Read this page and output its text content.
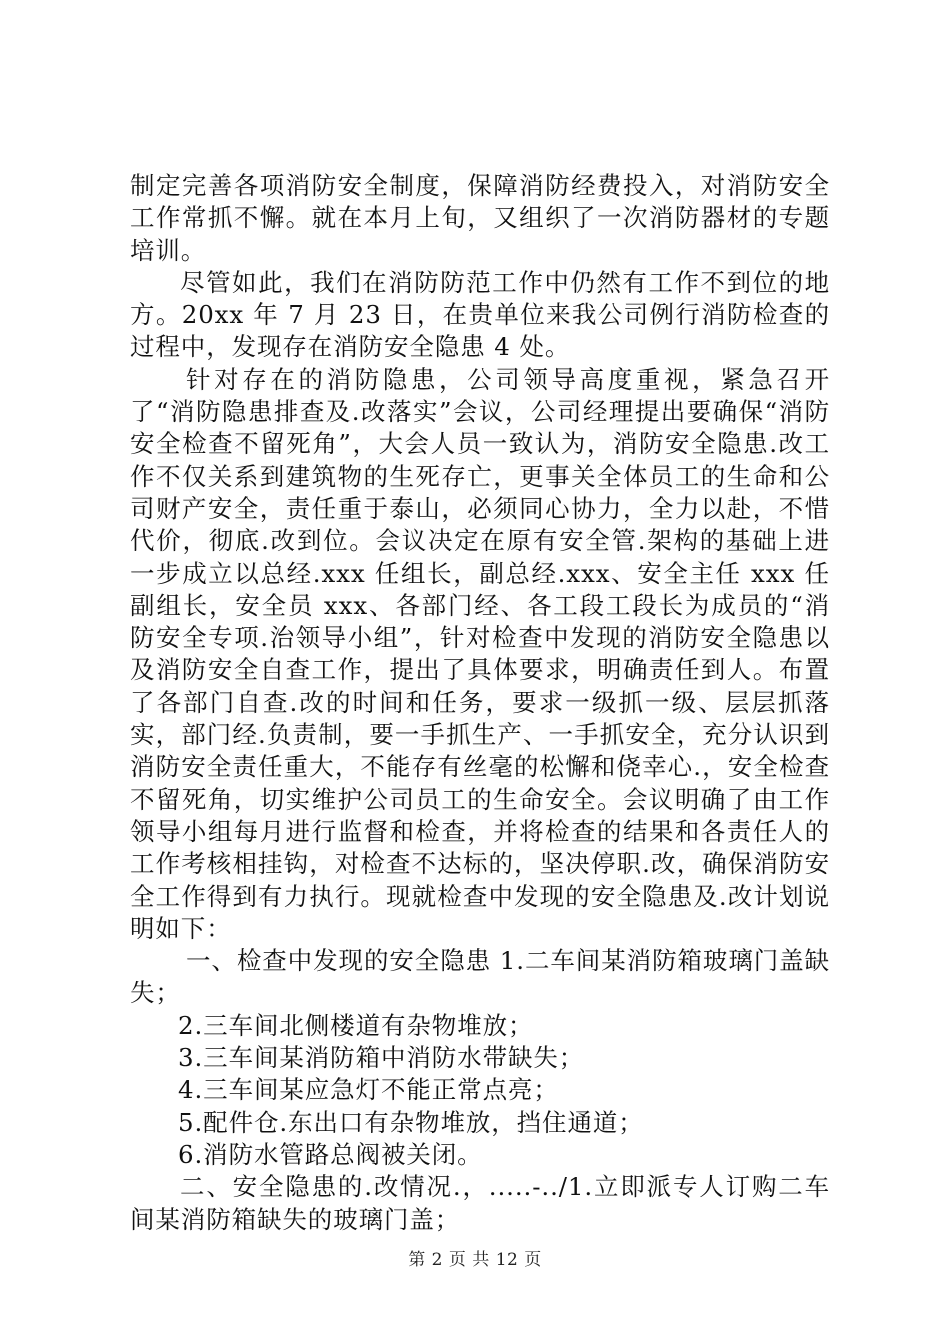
制定完善各项消防安全制度，保障消防经费投入，对消防安全工作常抓不懈。就在本月上旬，又组织了一次消防器材的专题培训。

尽管如此，我们在消防防范工作中仍然有工作不到位的地方。20xx 年 7 月 23 日，在贵单位来我公司例行消防检查的过程中，发现存在消防安全隐患 4 处。

针对存在的消防隐患，公司领导高度重视，紧急召开了“消防隐患排查及.改落实”会议，公司经理提出要确保“消防安全检查不留死角”，大会人员一致认为，消防安全隐患.改工作不仅关系到建筑物的生死存亡，更事关全体员工的生命和公司财产安全，责任重于泰山，必须同心协力，全力以赴，不惜代价，彻底.改到位。会议决定在原有安全管.架构的基础上进一步成立以总经.xxx 任组长，副总经.xxx、安全主任 xxx 任副组长，安全员 xxx、各部门经、各工段工段长为成员的“消防安全专项.治领导小组”，针对检查中发现的消防安全隐患以及消防安全自查工作，提出了具体要求，明确责任到人。布置了各部门自查.改的时间和任务，要求一级抓一级、层层抓落实，部门经.负责制，要一手抓生产、一手抓安全，充分认识到消防安全责任重大，不能存有丝毫的松懈和侥幸心.，安全检查不留死角，切实维护公司员工的生命安全。会议明确了由工作领导小组每月进行监督和检查，并将检查的结果和各责任人的工作考核相挂钩，对检查不达标的，坚决停职.改，确保消防安全工作得到有力执行。现就检查中发现的安全隐患及.改计划说明如下：

一、检查中发现的安全隐患 1.二车间某消防箱玻璃门盖缺失；

2.三车间北侧楼道有杂物堆放；

3.三车间某消防箱中消防水带缺失；

4.三车间某应急灯不能正常点亮；

5.配件仓.东出口有杂物堆放，挡住通道；

6.消防水管路总阀被关闭。

二、安全隐患的.改情况.，.....-../1.立即派专人订购二车间某消防箱缺失的玻璃门盖；

第 2 页 共 12 页
